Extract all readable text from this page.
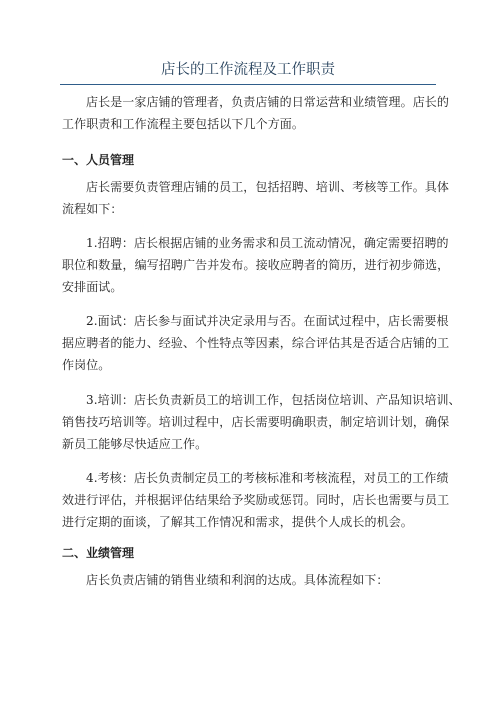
店长的工作流程及工作职责

店长是一家店铺的管理者，负责店铺的日常运营和业绩管理。店长的
工作职责和工作流程主要包括以下几个方面。

一、人员管理

店长需要负责管理店铺的员工，包括招聘、培训、考核等工作。具体
流程如下：

1.招聘：店长根据店铺的业务需求和员工流动情况，确定需要招聘的
职位和数量，编写招聘广告并发布。接收应聘者的简历，进行初步筛选，
安排面试。

2.面试：店长参与面试并决定录用与否。在面试过程中，店长需要根
据应聘者的能力、经验、个性特点等因素，综合评估其是否适合店铺的工
作岗位。

3.培训：店长负责新员工的培训工作，包括岗位培训、产品知识培训、
销售技巧培训等。培训过程中，店长需要明确职责，制定培训计划，确保
新员工能够尽快适应工作。

4.考核：店长负责制定员工的考核标准和考核流程，对员工的工作绩
效进行评估，并根据评估结果给予奖励或惩罚。同时，店长也需要与员工
进行定期的面谈，了解其工作情况和需求，提供个人成长的机会。

二、业绩管理

店长负责店铺的销售业绩和利润的达成。具体流程如下：
